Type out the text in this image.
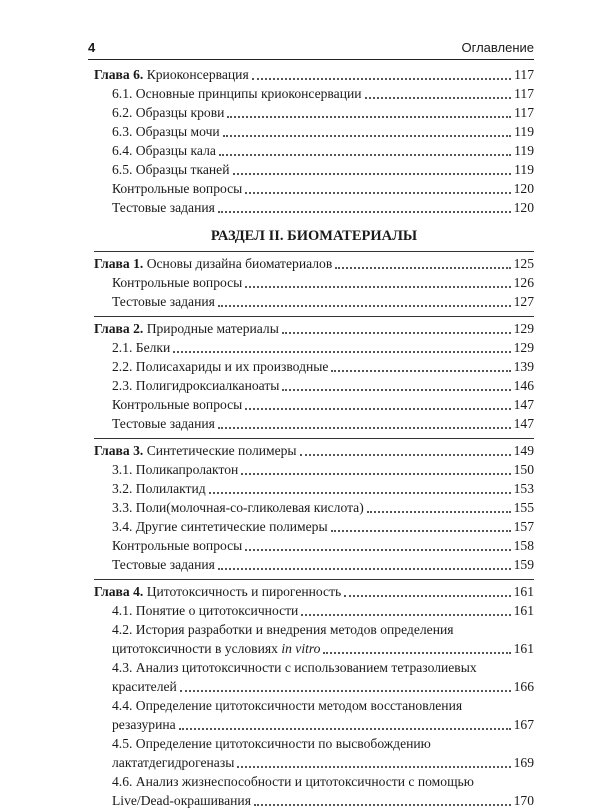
4	Оглавление
Глава 6. Криоконсервация	117
6.1. Основные принципы криоконсервации	117
6.2. Образцы крови	117
6.3. Образцы мочи	119
6.4. Образцы кала	119
6.5. Образцы тканей	119
Контрольные вопросы	120
Тестовые задания	120
РАЗДЕЛ II. БИОМАТЕРИАЛЫ
Глава 1. Основы дизайна биоматериалов	125
Контрольные вопросы	126
Тестовые задания	127
Глава 2. Природные материалы	129
2.1. Белки	129
2.2. Полисахариды и их производные	139
2.3. Полигидроксиалканоаты	146
Контрольные вопросы	147
Тестовые задания	147
Глава 3. Синтетические полимеры	149
3.1. Поликапролактон	150
3.2. Полилактид	153
3.3. Поли(молочная-со-гликолевая кислота)	155
3.4. Другие синтетические полимеры	157
Контрольные вопросы	158
Тестовые задания	159
Глава 4. Цитотоксичность и пирогенность	161
4.1. Понятие о цитотоксичности	161
4.2. История разработки и внедрения методов определения
цитотоксичности в условиях in vitro	161
4.3. Анализ цитотоксичности с использованием тетразолиевых
красителей	166
4.4. Определение цитотоксичности методом восстановления
резазурина	167
4.5. Определение цитотоксичности по высвобождению
лактатдегидрогеназы	169
4.6. Анализ жизнеспособности и цитотоксичности с помощью
Live/Dead-окрашивания	170
